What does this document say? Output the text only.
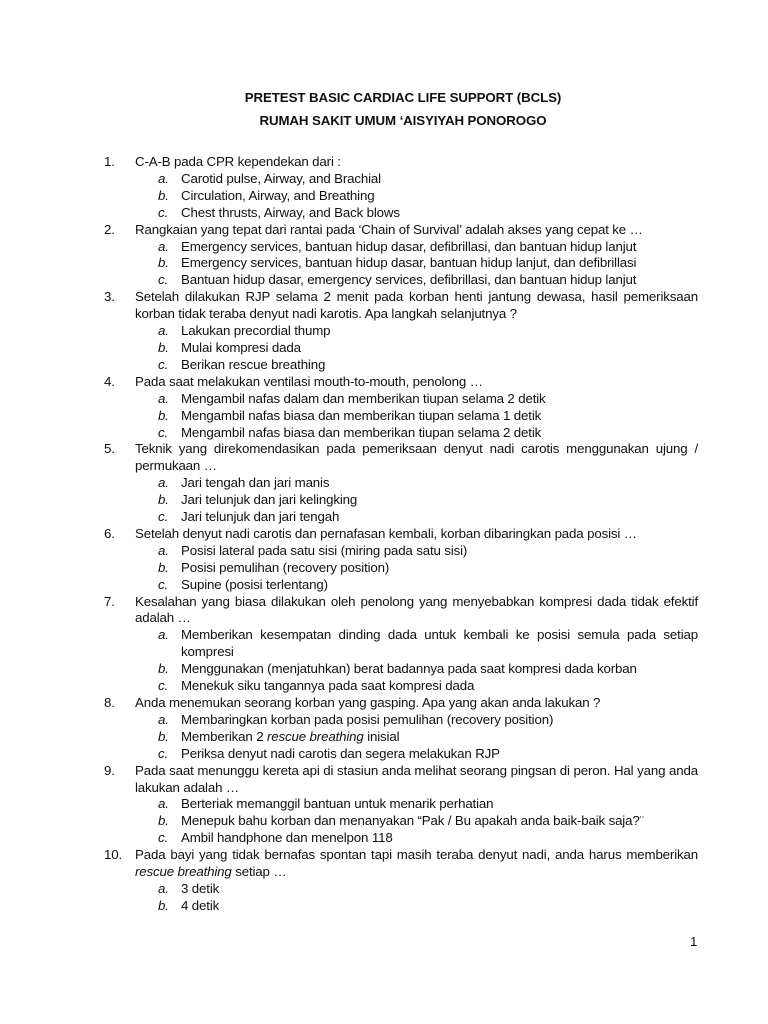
PRETEST BASIC CARDIAC LIFE SUPPORT (BCLS)
RUMAH SAKIT UMUM ‘AISYIYAH PONOROGO
1.	C-A-B pada CPR kependekan dari :
a. Carotid pulse, Airway, and Brachial
b. Circulation, Airway, and Breathing
c. Chest thrusts, Airway, and Back blows
2.	Rangkaian yang tepat dari rantai pada ‘Chain of Survival’ adalah akses yang cepat ke …
a. Emergency services, bantuan hidup dasar, defibrillasi, dan bantuan hidup lanjut
b. Emergency services, bantuan hidup dasar, bantuan hidup lanjut, dan defibrillasi
c. Bantuan hidup dasar, emergency services, defibrillasi, dan bantuan hidup lanjut
3.	Setelah dilakukan RJP selama 2 menit pada korban henti jantung dewasa, hasil pemeriksaan korban tidak teraba denyut nadi karotis. Apa langkah selanjutnya ?
a. Lakukan precordial thump
b. Mulai kompresi dada
c. Berikan rescue breathing
4.	Pada saat melakukan ventilasi mouth-to-mouth, penolong …
a. Mengambil nafas dalam dan memberikan tiupan selama 2 detik
b. Mengambil nafas biasa dan memberikan tiupan selama 1 detik
c. Mengambil nafas biasa dan memberikan tiupan selama 2 detik
5.	Teknik yang direkomendasikan pada pemeriksaan denyut nadi carotis menggunakan ujung / permukaan …
a. Jari tengah dan jari manis
b. Jari telunjuk dan jari kelingking
c. Jari telunjuk dan jari tengah
6.	Setelah denyut nadi carotis dan pernafasan kembali, korban dibaringkan pada posisi …
a. Posisi lateral pada satu sisi (miring pada satu sisi)
b. Posisi pemulihan (recovery position)
c. Supine (posisi terlentang)
7.	Kesalahan yang biasa dilakukan oleh penolong yang menyebabkan kompresi dada tidak efektif adalah …
a. Memberikan kesempatan dinding dada untuk kembali ke posisi semula pada setiap kompresi
b. Menggunakan (menjatuhkan) berat badannya pada saat kompresi dada korban
c. Menekuk siku tangannya pada saat kompresi dada
8.	Anda menemukan seorang korban yang gasping. Apa yang akan anda lakukan ?
a. Membaringkan korban pada posisi pemulihan (recovery position)
b. Memberikan 2 rescue breathing inisial
c. Periksa denyut nadi carotis dan segera melakukan RJP
9.	Pada saat menunggu kereta api di stasiun anda melihat seorang pingsan di peron. Hal yang anda lakukan adalah …
a. Berteriak memanggil bantuan untuk menarik perhatian
b. Menepuk bahu korban dan menanyakan “Pak / Bu apakah anda baik-baik saja?¨
c. Ambil handphone dan menelpon 118
10. Pada bayi yang tidak bernafas spontan tapi masih teraba denyut nadi, anda harus memberikan rescue breathing setiap …
a. 3 detik
b. 4 detik
1
